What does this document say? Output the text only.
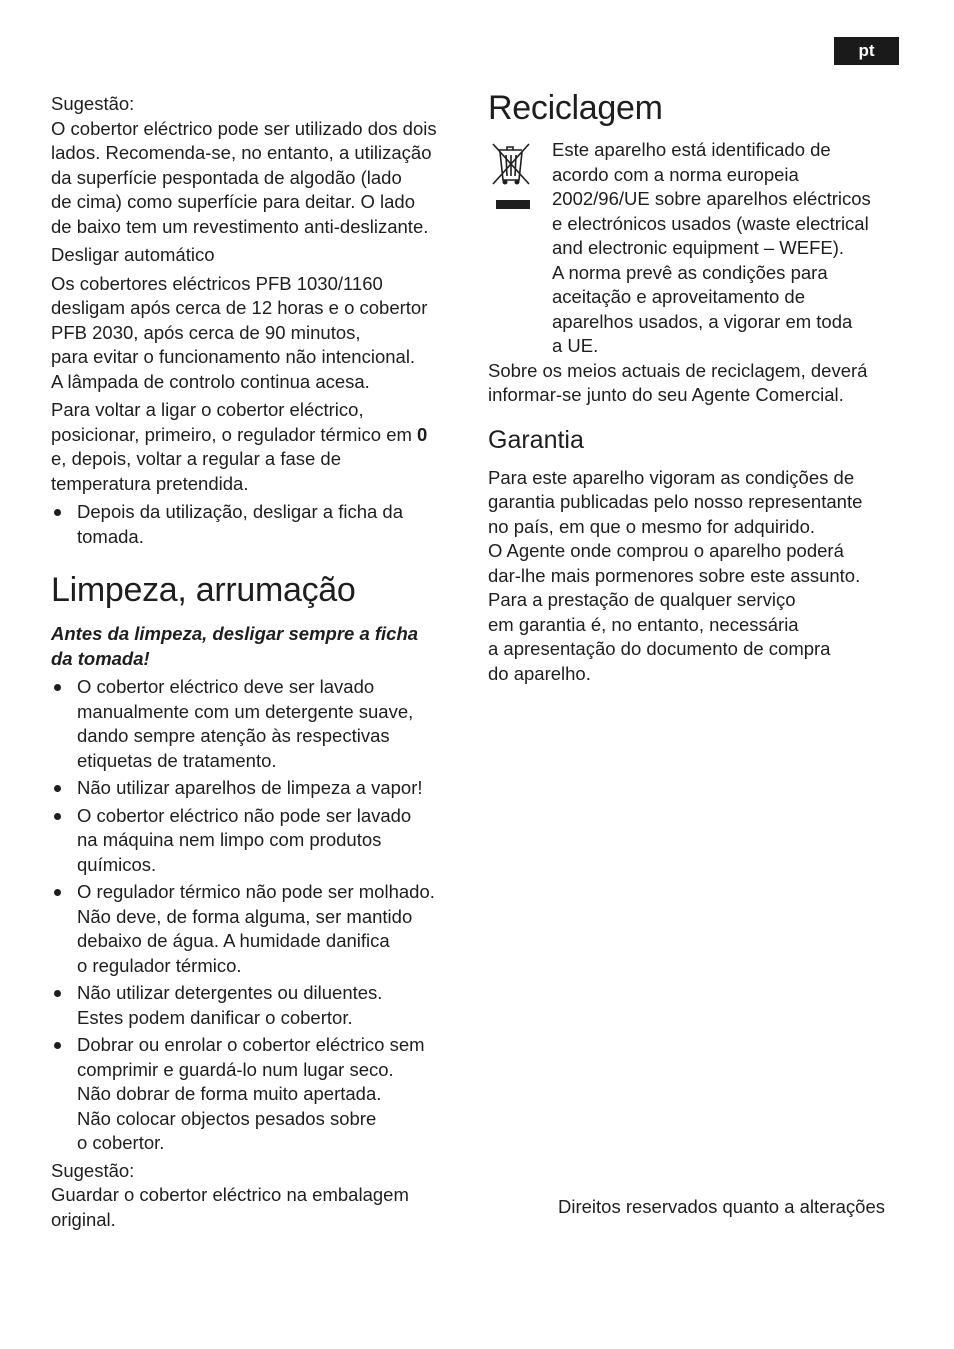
pt
Sugestão:

O cobertor eléctrico pode ser utilizado dos dois
lados. Recomenda-se, no entanto, a utilização
da superfície pespontada de algodão (lado
de cima) como superfície para deitar. O lado
de baixo tem um revestimento anti-deslizante.

Desligar automático

Os cobertores eléctricos PFB 1030/1160
desligam após cerca de 12 horas e o cobertor
PFB 2030, após cerca de 90 minutos,
para evitar o funcionamento não intencional.
A lâmpada de controlo continua acesa.

Para voltar a ligar o cobertor eléctrico,
posicionar, primeiro, o regulador térmico em 0
e, depois, voltar a regular a fase de
temperatura pretendida.

Depois da utilização, desligar a ficha da
tomada.
Limpeza, arrumação

Antes da limpeza, desligar sempre a ficha
da tomada!

O cobertor eléctrico deve ser lavado
manualmente com um detergente suave,
dando sempre atenção às respectivas
etiquetas de tratamento.
Não utilizar aparelhos de limpeza a vapor!
O cobertor eléctrico não pode ser lavado
na máquina nem limpo com produtos
químicos.
O regulador térmico não pode ser molhado.
Não deve, de forma alguma, ser mantido
debaixo de água. A humidade danifica
o regulador térmico.
Não utilizar detergentes ou diluentes.
Estes podem danificar o cobertor.
Dobrar ou enrolar o cobertor eléctrico sem
comprimir e guardá-lo num lugar seco.
Não dobrar de forma muito apertada.
Não colocar objectos pesados sobre
o cobertor.
Sugestão:

Guardar o cobertor eléctrico na embalagem
original.

Reciclagem

Este aparelho está identificado de
acordo com a norma europeia
2002/96/UE sobre aparelhos eléctricos
e electrónicos usados (waste electrical
and electronic equipment – WEFE).
A norma prevê as condições para
aceitação e aproveitamento de
aparelhos usados, a vigorar em toda
a UE.

Sobre os meios actuais de reciclagem, deverá
informar-se junto do seu Agente Comercial.

Garantia

Para este aparelho vigoram as condições de
garantia publicadas pelo nosso representante
no país, em que o mesmo for adquirido.
O Agente onde comprou o aparelho poderá
dar-lhe mais pormenores sobre este assunto.
Para a prestação de qualquer serviço
em garantia é, no entanto, necessária
a apresentação do documento de compra
do aparelho.

Direitos reservados quanto a alterações
